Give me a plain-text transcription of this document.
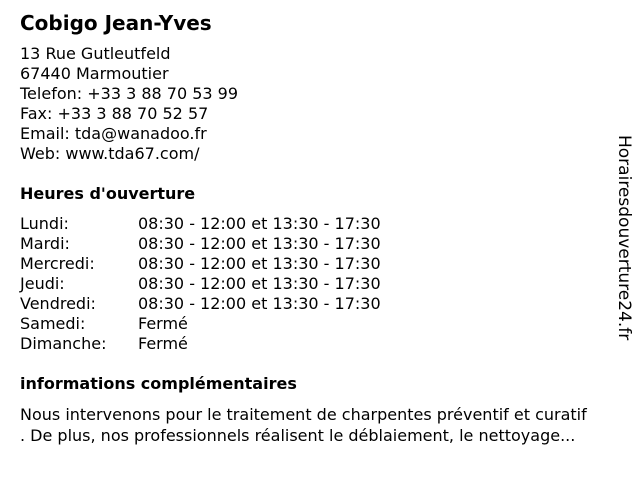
Cobigo Jean-Yves
13 Rue Gutleutfeld
67440 Marmoutier
Telefon: +33 3 88 70 53 99
Fax: +33 3 88 70 52 57
Email: tda@wanadoo.fr
Web: www.tda67.com/
Heures d'ouverture
Lundi:	08:30 - 12:00 et 13:30 - 17:30
Mardi:	08:30 - 12:00 et 13:30 - 17:30
Mercredi:	08:30 - 12:00 et 13:30 - 17:30
Jeudi:	08:30 - 12:00 et 13:30 - 17:30
Vendredi:	08:30 - 12:00 et 13:30 - 17:30
Samedi:	Fermé
Dimanche: Fermé
informations complémentaires
Nous intervenons pour le traitement de charpentes préventif et curatif
. De plus, nos professionnels réalisent le déblaiement, le nettoyage...
Horairesdouverture24.fr
